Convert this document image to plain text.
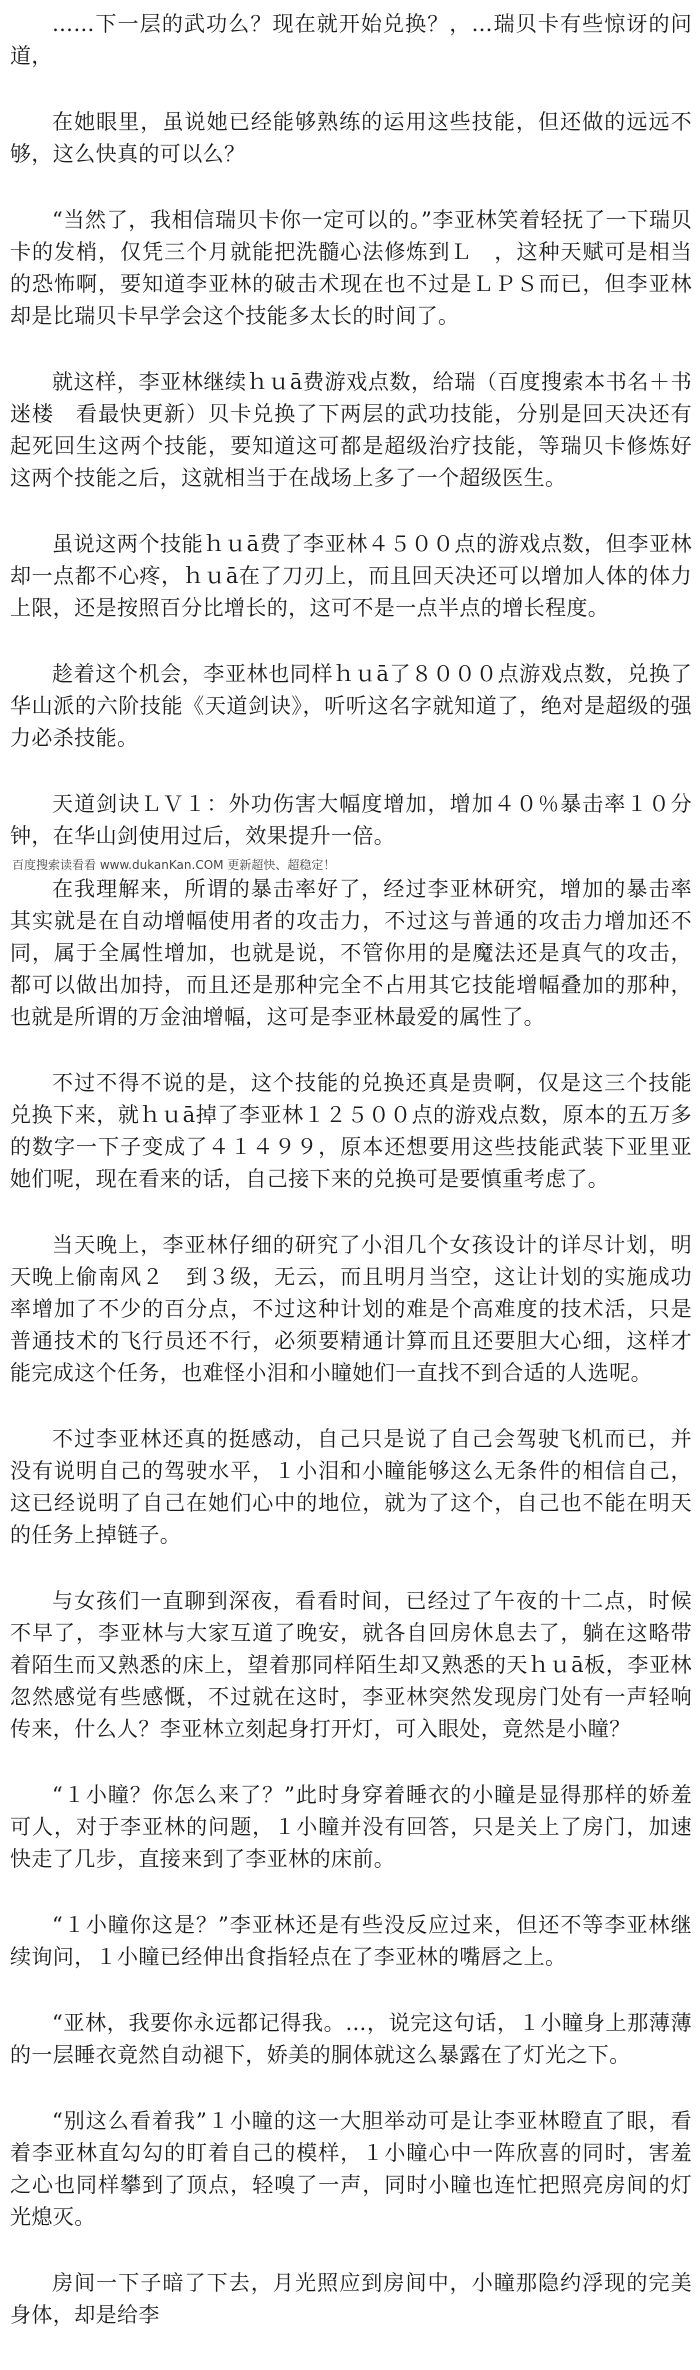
……下一层的武功么？现在就开始兑换？，…瑞贝卡有些惊讶的问道，

在她眼里，虽说她已经能够熟练的运用这些技能，但还做的远远不够，这么快真的可以么？

“当然了，我相信瑞贝卡你一定可以的。”李亚林笑着轻抚了一下瑞贝卡的发梢，仅凭三个月就能把洗髓心法修炼到Ｌ　，这种天赋可是相当的恐怖啊，要知道李亚林的破击术现在也不过是ＬＰＳ而已，但李亚林却是比瑞贝卡早学会这个技能多太长的时间了。

就这样，李亚林继续ｈｕā费游戏点数，给瑞（百度搜索本书名＋书迷楼　看最快更新）贝卡兑换了下两层的武功技能，分别是回天决还有起死回生这两个技能，要知道这可都是超级治疗技能，等瑞贝卡修炼好这两个技能之后，这就相当于在战场上多了一个超级医生。

虽说这两个技能ｈｕā费了李亚林４５００点的游戏点数，但李亚林却一点都不心疼，ｈｕā在了刀刃上，而且回天决还可以增加人体的体力上限，还是按照百分比增长的，这可不是一点半点的增长程度。

趁着这个机会，李亚林也同样ｈｕā了８０００点游戏点数，兑换了华山派的六阶技能《天道剑诀》，听听这名字就知道了，绝对是超级的强力必杀技能。

天道剑诀ＬＶ１：外功伤害大幅度增加，增加４０％暴击率１０分钟，在华山剑使用过后，效果提升一倍。

百度搜索读看看 www.dukanKan.COM 更新超快、超稳定！

在我理解来，所谓的暴击率好了，经过李亚林研究，增加的暴击率其实就是在自动增幅使用者的攻击力，不过这与普通的攻击力增加还不同，属于全属性增加，也就是说，不管你用的是魔法还是真气的攻击，都可以做出加持，而且还是那种完全不占用其它技能增幅叠加的那种，也就是所谓的万金油增幅，这可是李亚林最爱的属性了。

不过不得不说的是，这个技能的兑换还真是贵啊，仅是这三个技能兑换下来，就ｈｕā掉了李亚林１２５００点的游戏点数，原本的五万多的数字一下子变成了４１４９９，原本还想要用这些技能武装下亚里亚她们呢，现在看来的话，自己接下来的兑换可是要慎重考虑了。

当天晚上，李亚林仔细的研究了小泪几个女孩设计的详尽计划，明天晚上偷南风２　到３级，无云，而且明月当空，这让计划的实施成功率增加了不少的百分点，不过这种计划的难是个高难度的技术活，只是普通技术的飞行员还不行，必须要精通计算而且还要胆大心细，这样才能完成这个任务，也难怪小泪和小瞳她们一直找不到合适的人选呢。

不过李亚林还真的挺感动，自己只是说了自己会驾驶飞机而已，并没有说明自己的驾驶水平，１小泪和小瞳能够这么无条件的相信自己，这已经说明了自己在她们心中的地位，就为了这个，自己也不能在明天的任务上掉链子。

与女孩们一直聊到深夜，看看时间，已经过了午夜的十二点，时候不早了，李亚林与大家互道了晚安，就各自回房休息去了，躺在这略带着陌生而又熟悉的床上，望着那同样陌生却又熟悉的天ｈｕā板，李亚林忽然感觉有些感慨，不过就在这时，李亚林突然发现房门处有一声轻响传来，什么人？李亚林立刻起身打开灯，可入眼处，竟然是小瞳？

“１小瞳？你怎么来了？”此时身穿着睡衣的小瞳是显得那样的娇羞可人，对于李亚林的问题，１小瞳并没有回答，只是关上了房门，加速快走了几步，直接来到了李亚林的床前。

“１小瞳你这是？”李亚林还是有些没反应过来，但还不等李亚林继续询问，１小瞳已经伸出食指轻点在了李亚林的嘴唇之上。

“亚林，我要你永远都记得我。…，说完这句话，１小瞳身上那薄薄的一层睡衣竟然自动褪下，娇美的胴体就这么暴露在了灯光之下。

“别这么看着我”１小瞳的这一大胆举动可是让李亚林瞪直了眼，看着李亚林直勾勾的盯着自己的模样，１小瞳心中一阵欣喜的同时，害羞之心也同样攀到了顶点，轻嗅了一声，同时小瞳也连忙把照亮房间的灯光熄灭。

房间一下子暗了下去，月光照应到房间中，小瞳那隐约浮现的完美身体，却是给李
